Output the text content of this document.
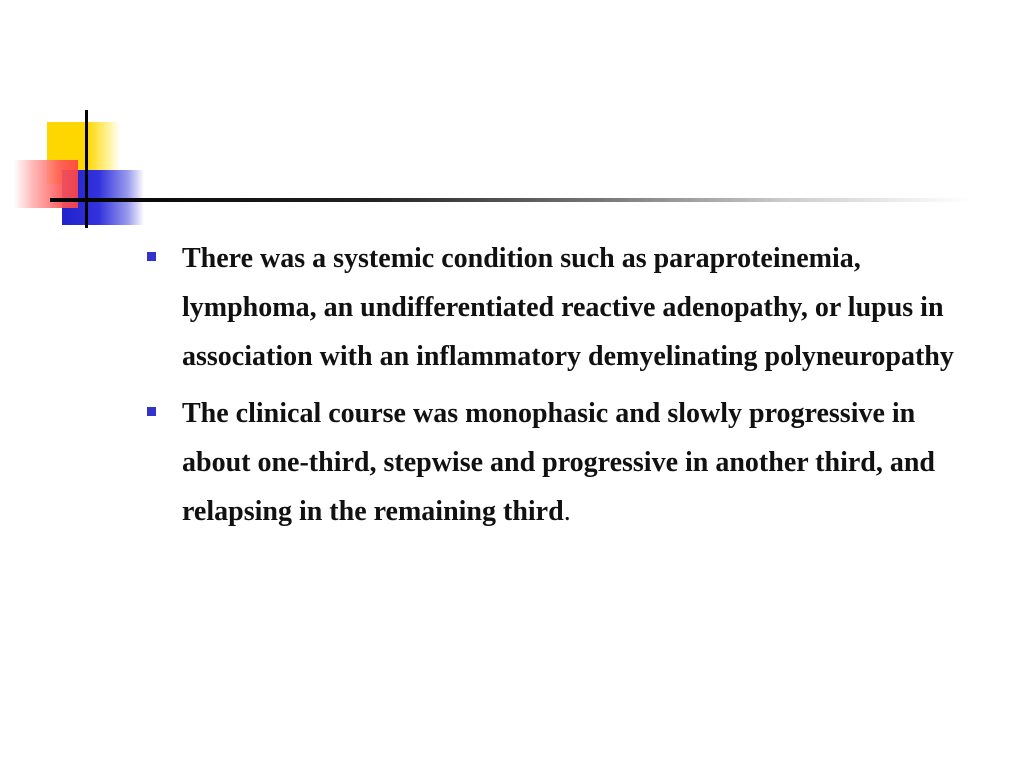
There was a systemic condition such as paraproteinemia, lymphoma, an undifferentiated reactive adenopathy, or lupus in association with an inflammatory demyelinating polyneuropathy
The clinical course was monophasic and slowly progressive in about one-third, stepwise and progressive in another third, and relapsing in the remaining third.
